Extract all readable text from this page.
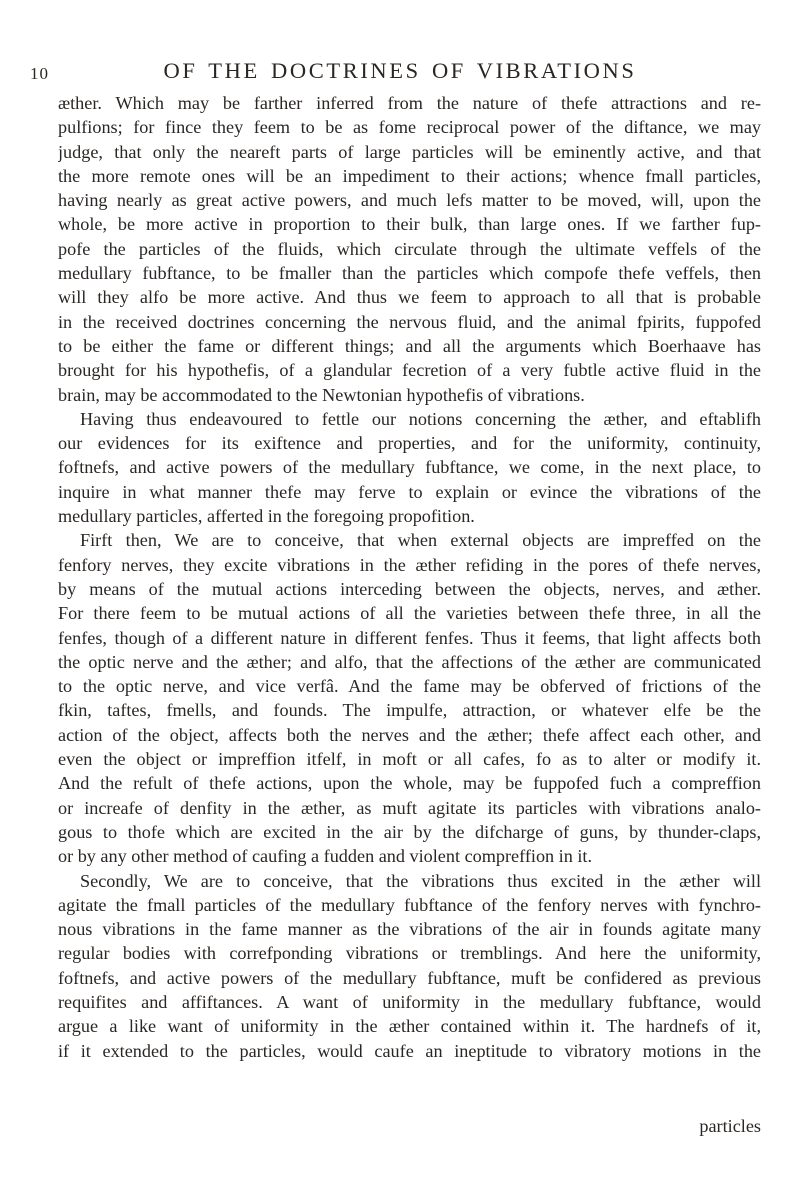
10	OF THE DOCTRINES OF VIBRATIONS
æther. Which may be farther inferred from the nature of thefe attractions and re-
pulfions; for fince they feem to be as fome reciprocal power of the diftance, we may
judge, that only the neareft parts of large particles will be eminently active, and that
the more remote ones will be an impediment to their actions; whence fmall particles,
having nearly as great active powers, and much lefs matter to be moved, will, upon the
whole, be more active in proportion to their bulk, than large ones. If we farther fup-
pofe the particles of the fluids, which circulate through the ultimate veffels of the
medullary fubftance, to be fmaller than the particles which compofe thefe veffels, then
will they alfo be more active. And thus we feem to approach to all that is probable
in the received doctrines concerning the nervous fluid, and the animal fpirits, fuppofed
to be either the fame or different things; and all the arguments which Boerhaave has
brought for his hypothefis, of a glandular fecretion of a very fubtle active fluid in the
brain, may be accommodated to the Newtonian hypothefis of vibrations.
Having thus endeavoured to fettle our notions concerning the æther, and eftablifh
our evidences for its exiftence and properties, and for the uniformity, continuity,
foftnefs, and active powers of the medullary fubftance, we come, in the next place, to
inquire in what manner thefe may ferve to explain or evince the vibrations of the
medullary particles, afferted in the foregoing propofition.
Firft then, We are to conceive, that when external objects are impreffed on the
fenfory nerves, they excite vibrations in the æther refiding in the pores of thefe nerves,
by means of the mutual actions interceding between the objects, nerves, and æther.
For there feem to be mutual actions of all the varieties between thefe three, in all the
fenfes, though of a different nature in different fenfes. Thus it feems, that light affects both
the optic nerve and the æther; and alfo, that the affections of the æther are communicated
to the optic nerve, and vice verfâ. And the fame may be obferved of frictions of the
fkin, taftes, fmells, and founds. The impulfe, attraction, or whatever elfe be the
action of the object, affects both the nerves and the æther; thefe affect each other, and
even the object or impreffion itfelf, in moft or all cafes, fo as to alter or modify it.
And the refult of thefe actions, upon the whole, may be fuppofed fuch a compreffion
or increafe of denfity in the æther, as muft agitate its particles with vibrations analo-
gous to thofe which are excited in the air by the difcharge of guns, by thunder-claps,
or by any other method of caufing a fudden and violent compreffion in it.
Secondly, We are to conceive, that the vibrations thus excited in the æther will
agitate the fmall particles of the medullary fubftance of the fenfory nerves with fynchro-
nous vibrations in the fame manner as the vibrations of the air in founds agitate many
regular bodies with correfponding vibrations or tremblings. And here the uniformity,
foftnefs, and active powers of the medullary fubftance, muft be confidered as previous
requifites and affiftances. A want of uniformity in the medullary fubftance, would
argue a like want of uniformity in the æther contained within it. The hardnefs of it,
if it extended to the particles, would caufe an ineptitude to vibratory motions in the
particles
